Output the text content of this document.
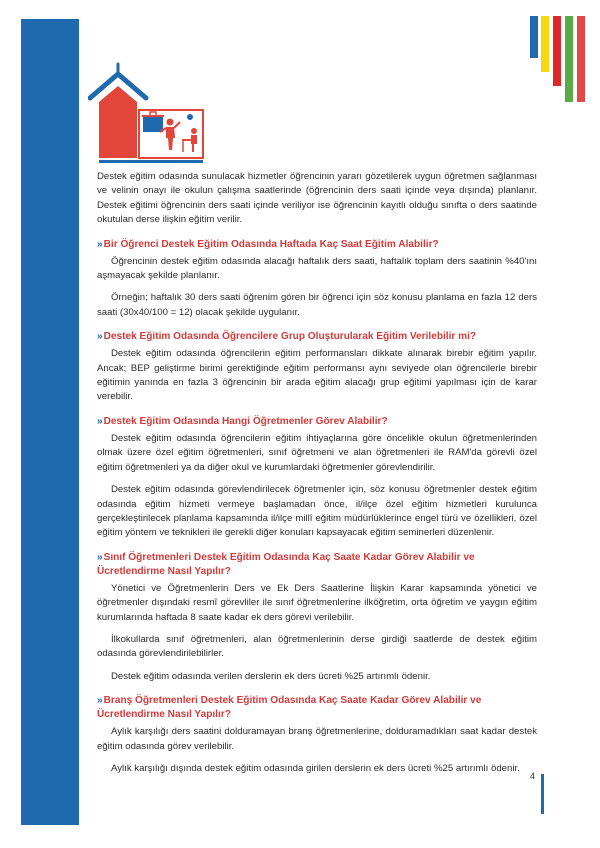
Destek eğitim odasında sunulacak hizmetler öğrencinin yararı gözetilerek uygun öğretmen sağlanması ve velinin onayı ile okulun çalışma saatlerinde (öğrencinin ders saati içinde veya dışında) planlanır. Destek eğitimi öğrencinin ders saati içinde veriliyor ise öğrencinin kayıtlı olduğu sınıfta o ders saatinde okutulan derse ilişkin eğitim verilir.

» Bir Öğrenci Destek Eğitim Odasında Haftada Kaç Saat Eğitim Alabilir?

Öğrencinin destek eğitim odasında alacağı haftalık ders saati, haftalık toplam ders saatinin %40'ını aşmayacak şekilde planlanır.

Örneğin; haftalık 30 ders saati öğrenim gören bir öğrenci için söz konusu planlama en fazla 12 ders saati (30x40/100 = 12) olacak şekilde uygulanır.

» Destek Eğitim Odasında Öğrencilere Grup Oluşturularak Eğitim Verilebilir mi?

Destek eğitim odasında öğrencilerin eğitim performansları dikkate alınarak birebir eğitim yapılır. Ancak; BEP geliştirme birimi gerektiğinde eğitim performansı aynı seviyede olan öğrencilerle birebir eğitimin yanında en fazla 3 öğrencinin bir arada eğitim alacağı grup eğitimi yapılması için de karar verebilir.

» Destek Eğitim Odasında Hangi Öğretmenler Görev Alabilir?

Destek eğitim odasında öğrencilerin eğitim ihtiyaçlarına göre öncelikle okulun öğretmenlerinden olmak üzere özel eğitim öğretmenleri, sınıf öğretmeni ve alan öğretmenleri ile RAM'da görevli özel eğitim öğretmenleri ya da diğer okul ve kurumlardaki öğretmenler görevlendirilir.

Destek eğitim odasında görevlendirilecek öğretmenler için, söz konusu öğretmenler destek eğitim odasında eğitim hizmeti vermeye başlamadan önce, il/ilçe özel eğitim hizmetleri kurulunca gerçekleştirilecek planlama kapsamında il/ilçe millî eğitim müdürlüklerince engel türü ve özellikleri, özel eğitim yöntem ve teknikleri ile gerekli diğer konuları kapsayacak eğitim seminerleri düzenlenir.

» Sınıf Öğretmenleri Destek Eğitim Odasında Kaç Saate Kadar Görev Alabilir ve Ücretlendirme Nasıl Yapılır?

Yönetici ve Öğretmenlerin Ders ve Ek Ders Saatlerine İlişkin Karar kapsamında yönetici ve öğretmenler dışındaki resmî görevliler ile sınıf öğretmenlerine ilköğretim, orta öğretim ve yaygın eğitim kurumlarında haftada 8 saate kadar ek ders görevi verilebilir.

İlkokullarda sınıf öğretmenleri, alan öğretmenlerinin derse girdiği saatlerde de destek eğitim odasında görevlendirilebilirler.

Destek eğitim odasında verilen derslerin ek ders ücreti %25 artırımlı ödenir.

» Branş Öğretmenleri Destek Eğitim Odasında Kaç Saate Kadar Görev Alabilir ve Ücretlendirme Nasıl Yapılır?

Aylık karşılığı ders saatini dolduramayan branş öğretmenlerine, dolduramadıkları saat kadar destek eğitim odasında görev verilebilir.

Aylık karşılığı dışında destek eğitim odasında girilen derslerin ek ders ücreti %25 artırımlı ödenir.

4
